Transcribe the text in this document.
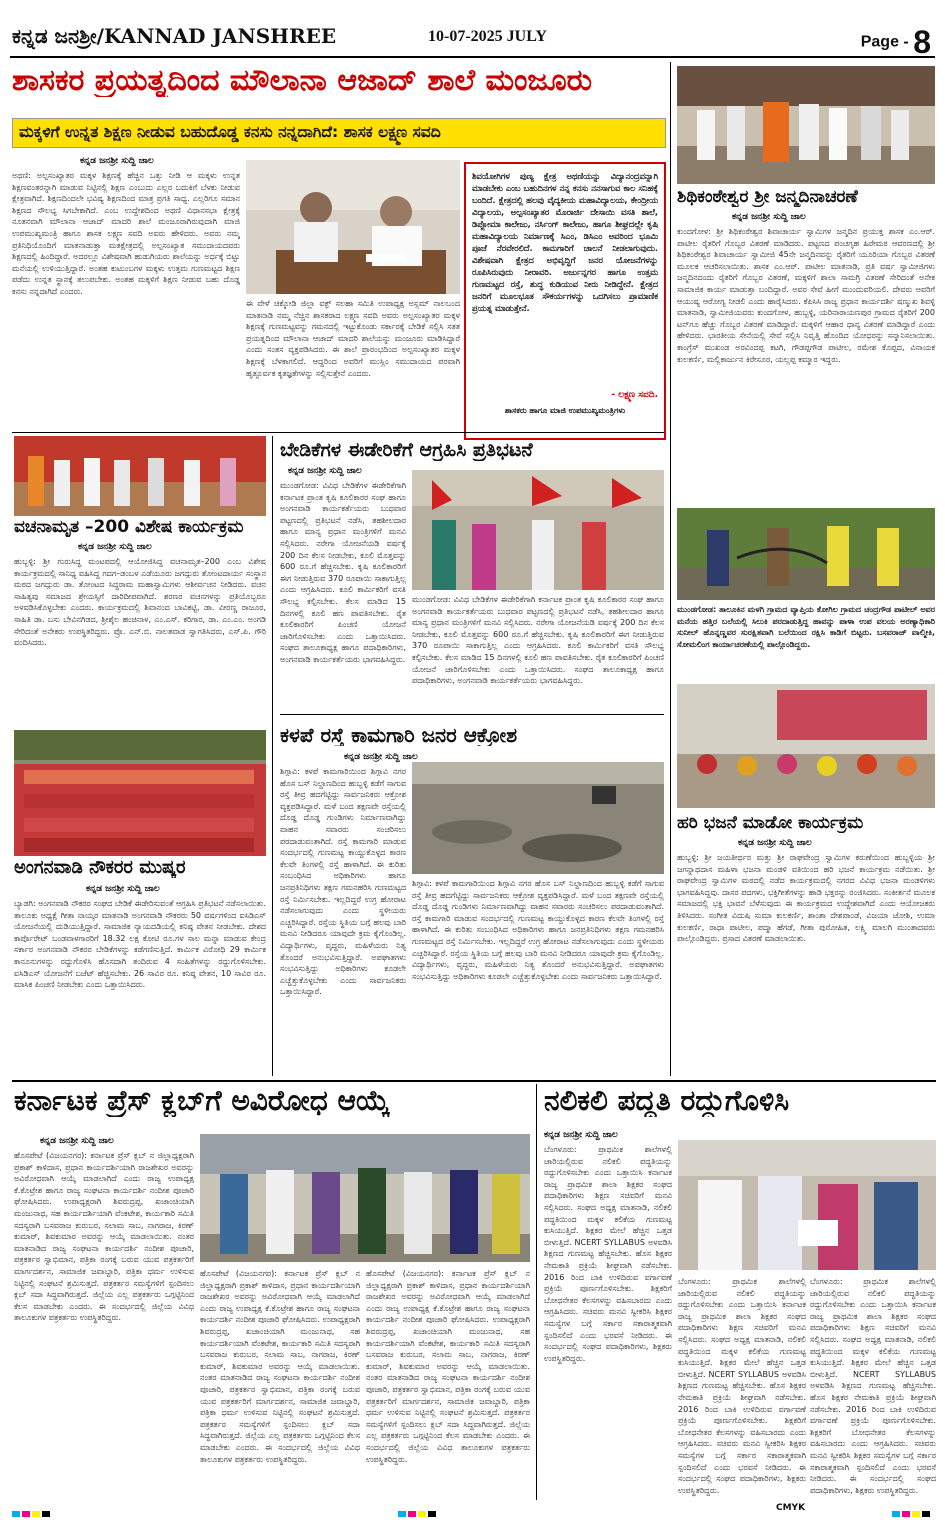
ಕನ್ನಡ ಜನಶ್ರೀ/KANNAD JANSHREE	10-07-2025 JULY	Page - 8
ಶಾಸಕರ ಪ್ರಯತ್ನದಿಂದ ಮೌಲಾನಾ ಆಜಾದ್ ಶಾಲೆ ಮಂಜೂರು
ಮಕ್ಕಳಿಗೆ ಉನ್ನತ ಶಿಕ್ಷಣ ನೀಡುವ ಬಹುದೊಡ್ಡ ಕನಸು ನನ್ನದಾಗಿದೆ: ಶಾಸಕ ಲಕ್ಷ್ಮಣ ಸವದಿ
ಕನ್ನಡ ಜನಶ್ರೀ ಸುದ್ದಿ ಜಾಲ
ಅಥಣಿ: ಅಲ್ಪಸಂಖ್ಯಾತರ ಮಕ್ಕಳ ಶಿಕ್ಷಣಕ್ಕೆ ಹೆಚ್ಚಿನ ಒತ್ತು ನೀಡಿ ಆ ಮಕ್ಕಳು ಉನ್ನತ ಶಿಕ್ಷಣವಂತರನ್ನಾಗಿ ಮಾಡುವ ನಿಟ್ಟಿನಲ್ಲಿ ಶಿಕ್ಷಣ ಎಂಬುದು ಎಲ್ಲರ ಬದುಕಿಗೆ ಬೆಳಕು ನೀಡುವ ಕ್ಷೇತ್ರವಾಗಿದೆ. ಶಿಕ್ಷಣದಿಂದಲೇ ಭವಿಷ್ಯ ಶಿಕ್ಷಣದಿಂದ ಮಾತ್ರ ಪ್ರಗತಿ ಸಾಧ್ಯ. ಎಲ್ಲರಿಗೂ ಸಮಾನ ಶಿಕ್ಷಣದ ಸೌಲಭ್ಯ ಸಿಗಬೇಕಾಗಿದೆ. ಎಂಬ ಉದ್ದೇಶದಿಂದ ಅಥಣಿ ವಿಧಾನಸಭಾ ಕ್ಷೇತ್ರಕ್ಕೆ ನೂತನವಾಗಿ ಮೌಲಾನಾ ಆಜಾದ್ ಮಾದರಿ ಶಾಲೆ ಮಂಜೂರಾಗಿರುವುದಾಗಿ ಮಾಜಿ ಉಪಮುಖ್ಯಮಂತ್ರಿ ಹಾಗೂ ಶಾಸಕ ಲಕ್ಷ್ಮಣ ಸವದಿ ಅವರು ಹೇಳಿದರು. ಅವರು ನಮ್ಮ ಪ್ರತಿನಿಧಿಯೊಂದಿಗೆ ಮಾತನಾಡುತ್ತಾ ಮತಕ್ಷೇತ್ರದಲ್ಲಿ ಅಲ್ಪಸಂಖ್ಯಾತ ಸಮುದಾಯದವರು ಶಿಕ್ಷಣದಲ್ಲಿ ಹಿಂದಿದ್ದಾರೆ. ಅದರಲ್ಲೂ ವಿಶೇಷವಾಗಿ ಹುಡುಗಿಯರು ಶಾಲೆಯನ್ನು ಅರ್ಧಕ್ಕೆ ಬಿಟ್ಟು ಮನೆಯಲ್ಲಿ ಉಳಿಯುತ್ತಿದ್ದಾರೆ. ಅಂತಹ ಕುಟುಂಬಗಳ ಮಕ್ಕಳು ಉತ್ತಮ ಗುಣಮಟ್ಟದ ಶಿಕ್ಷಣ ಪಡೆದು ಉನ್ನತ ಸ್ಥಾನಕ್ಕೆ ತಲುಪಬೇಕು. ಅಂತಹ ಮಕ್ಕಳಿಗೆ ಶಿಕ್ಷಣ ನೀಡುವ ಬಹು ದೊಡ್ಡ ಕನಸು ನನ್ನದಾಗಿದೆ ಎಂದರು.
ಈ ವೇಳೆ ಚಿಕ್ಕೋಡಿ ಜಿಲ್ಲಾ ವಕ್ಫ್ ಸಲಹಾ ಸಮಿತಿ ಉಪಾಧ್ಯಕ್ಷ ಅಸ್ಲಮ್ ನಾಲಬಂದ ಮಾತನಾಡಿ ನಮ್ಮ ನೆಚ್ಚಿನ ಶಾಸಕರಾದ ಲಕ್ಷ್ಮಣ ಸವದಿ ಅವರು ಅಲ್ಪಸಂಖ್ಯಾತರ ಮಕ್ಕಳ ಶಿಕ್ಷಣಕ್ಕೆ ಗುಣಮಟ್ಟವನ್ನು ಗಮನದಲ್ಲಿ ಇಟ್ಟುಕೊಂಡು ಸರ್ಕಾರಕ್ಕೆ ಬೇಡಿಕೆ ಸಲ್ಲಿಸಿ ಸತತ ಪ್ರಯತ್ನದಿಂದ ಮೌಲಾನಾ ಆಜಾದ್ ಮಾದರಿ ಶಾಲೆಯನ್ನು ಮಂಜೂರು ಮಾಡಿಸಿದ್ದಾರೆ ಎಂದು ಸಂತಸ ವ್ಯಕ್ತಪಡಿಸಿದರು. ಈ ಶಾಲೆ ಪ್ರಾರಂಭದಿಂದ ಅಲ್ಪಸಂಖ್ಯಾತರ ಮಕ್ಕಳ ಶಿಕ್ಷಣಕ್ಕೆ ಬೆಳಕಾಗಲಿದೆ. ಆದ್ದರಿಂದ ಅವರಿಗೆ ಮುಸ್ಲಿಂ ಸಮುದಾಯದ ಪರವಾಗಿ ಹೃತ್ಪೂರ್ವಕ ಕೃತಜ್ಞತೆಗಳನ್ನು ಸಲ್ಲಿಸುತ್ತೇನೆ ಎಂದರು.
ಶಿವಯೋಗಿಗಳ ಪುಣ್ಯ ಕ್ಷೇತ್ರ ಅಥಣಿಯನ್ನು ವಿದ್ಯಾನಂದ್ರವನ್ನಾಗಿ ಮಾಡಬೇಕು ಎಂಬ ಬಹುದಿನಗಳ ನನ್ನ ಕನಸು ನನಸಾಗುವ ಕಾಲ ಸನಿಹಕ್ಕೆ ಬಂದಿದೆ. ಕ್ಷೇತ್ರದಲ್ಲಿ ಹಲವು ವೈದ್ಯಕೀಯ ಮಹಾವಿದ್ಯಾಲಯ, ಕೇಂದ್ರೀಯ ವಿದ್ಯಾಲಯ, ಅಲ್ಪಸಂಖ್ಯಾತರ ಮೊರಾರ್ಜಿ ದೇಸಾಯಿ ವಸತಿ ಶಾಲೆ, ಡಿಪ್ಲೋಮಾ ಕಾಲೇಜು, ನರ್ಸಿಂಗ್ ಕಾಲೇಜು, ಹಾಗೂ ಶೀಘ್ರದಲ್ಲೇ ಕೃಷಿ ಮಹಾವಿದ್ಯಾಲಯ ನಿರ್ಮಾಣಕ್ಕೆ ಸಿಎಂ, ಡಿಸಿಎಂ ಅವರಿಂದ ಭೂಮಿ ಪೂಜೆ ನೆರವೇರಲಿದೆ. ಕಾಮಗಾರಿಗೆ ಚಾಲನೆ ನೀಡಲಾಗುವುದು. ವಿಶೇಷವಾಗಿ ಕ್ಷೇತ್ರದ ಅಭಿವೃದ್ಧಿಗೆ ಜನರ ಯೋಜನೆಗಳನ್ನು ರೂಪಿಸಿರುವುದು ನೀರಾವರಿ. ಅರ್ಜುನ್ನಗರ ಹಾಗೂ ಉತ್ತಮ ಗುಣಮಟ್ಟದ ರಸ್ತೆ, ಶುದ್ಧ ಕುಡಿಯುವ ನೀರು ನೀಡಿದ್ದೇನೆ. ಕ್ಷೇತ್ರದ ಜನರಿಗೆ ಮೂಲಭೂತ ಸೌಕರ್ಯಗಳನ್ನು ಒದಗಿಸಲು ಪ್ರಾಮಾಣಿಕ ಪ್ರಯತ್ನ ಮಾಡುತ್ತೇನೆ.
- ಲಕ್ಷ್ಮಣ ಸವದಿ.
ಶಾಸಕರು ಹಾಗೂ ಮಾಜಿ ಉಪಮುಖ್ಯಮಂತ್ರಿಗಳು
ಶಿಥಿಕಂಠೇಶ್ವರ ಶ್ರೀ ಜನ್ಮದಿನಾಚರಣೆ
ಕನ್ನಡ ಜನಶ್ರೀ ಸುದ್ದಿ ಜಾಲ
ಕುಂದಗೋಳ: ಶ್ರೀ ಶಿಥಿಕಂಠೇಶ್ವರ ಶಿವಾಚಾರ್ಯ ಸ್ವಾಮಿಗಳ ಜನ್ಮದಿನ ಪ್ರಯುಕ್ತ ಶಾಸಕ ಎಂ.ಆರ್. ಪಾಟೀಲ ರೈತರಿಗೆ ಗೊಬ್ಬರ ವಿತರಣೆ ಮಾಡಿದರು. ಪಟ್ಟಣದ ಪಂಚಗೃಹ ಹಿರೇಮಠ ಆವರಣದಲ್ಲಿ ಶ್ರೀ ಶಿಥಿಕಂಠೇಶ್ವರ ಶಿವಾಚಾರ್ಯ ಸ್ವಾಮೀಜಿ 45ನೇ ಜನ್ಮದಿನವನ್ನು ರೈತರಿಗೆ ಯೂರಿಯಾ ಗೊಬ್ಬರ ವಿತರಣೆ ಮೂಲಕ ಆಚರಿಸಲಾಯಿತು. ಶಾಸಕ ಎಂ.ಆರ್. ಪಾಟೀಲ ಮಾತನಾಡಿ, ಪ್ರತಿ ವರ್ಷ ಸ್ವಾಮೀಜಿಗಳು ಜನ್ಮದಿನದಂದು ರೈತರಿಗೆ ಗೊಬ್ಬರ ವಿತರಣೆ, ಮಕ್ಕಳಿಗೆ ಶಾಲಾ ಸಾಮಗ್ರಿ ವಿತರಣೆ ಸೇರಿದಂತೆ ಅನೇಕ ಸಾಮಾಜಿಕ ಕಾರ್ಯ ಮಾಡುತ್ತಾ ಬಂದಿದ್ದಾರೆ. ಅವರ ಸೇವೆ ಹೀಗೆ ಮುಂದುವರಿಯಲಿ. ದೇವರು ಅವರಿಗೆ ಆಯುಷ್ಯ ಆರೋಗ್ಯ ನೀಡಲಿ ಎಂದು ಹಾರೈಸಿದರು. ಕೆಪಿಸಿಸಿ ರಾಜ್ಯ ಪ್ರಧಾನ ಕಾರ್ಯದರ್ಶಿ ಷಣ್ಮುಖ ಶಿವಳ್ಳಿ ಮಾತನಾಡಿ, ಸ್ವಾಮೀಜಿಯವರು ಕುಂದಗೋಳ, ಹುಬ್ಬಳ್ಳಿ, ಯರಿನಾರಾಯಣಪುರ ಗ್ರಾಮದ ರೈತರಿಗೆ 200 ಟನ್‌ಗೂ ಹೆಚ್ಚು ಗೊಬ್ಬರ ವಿತರಣೆ ಮಾಡಿದ್ದಾರೆ. ಮಕ್ಕಳಿಗೆ ಆಹಾರ ಧಾನ್ಯ ವಿತರಣೆ ಮಾಡಿದ್ದಾರೆ ಎಂದು ಹೇಳಿದರು. ಭಾರತೀಯ ಸೇನೆಯಲ್ಲಿ ಸೇವೆ ಸಲ್ಲಿಸಿ ನಿವೃತ್ತಿ ಹೊಂದಿದ ಯೋಧರನ್ನು ಸನ್ಮಾನಿಸಲಾಯಿತು. ಕಾಂಗ್ರೆಸ್ ಮುಖಂಡ ಅರವಿಂದಪ್ಪ ಕಟಗಿ, ಗೌಡಪ್ಪಗೌಡ ಪಾಟೀಲ, ರಮೇಶ ಕೊಪ್ಪದ, ವಿನಾಯಕ ಕುಲಕರ್ಣಿ, ಮಲ್ಲಿಕಾರ್ಜುನ ಕಿರೇಸೂರ, ಯಲ್ಲಪ್ಪ ಕಮ್ಮಾರ ಇದ್ದರು.
ಮುಂಡಗೋಡ: ತಾಲೂಕಿನ ಮಳಗಿ ಗ್ರಾಮದ ವ್ಯಾಪ್ತಿಯ ಕೋಗಿಲ ಗ್ರಾಮದ ಚಂದ್ರಗೌಡ ಪಾಟೀಲ್ ಅವರ ಮನೆಯ ಹತ್ತಿರ ಬಲೆಯಲ್ಲಿ ಸಿಲುಕಿ ಪರದಾಡುತ್ತಿದ್ದ ಹಾವನ್ನು ಪಾಳಾ ಉಪ ವಲಯ ಅರಣ್ಯಾಧಿಕಾರಿ ಸುನೀಲ್ ಹೊನ್ನಣ್ಣವರ ಸುರಕ್ಷಿತವಾಗಿ ಬಲೆಯಿಂದ ರಕ್ಷಿಸಿ ಕಾಡಿಗೆ ಬಿಟ್ಟರು. ಬಸವರಾಜ್ ವಾಲ್ಮೀಕಿ, ಸೋಮಲಿಂಗ ಕಾರ್ಯಾಚರಣೆಯಲ್ಲಿ ಪಾಲ್ಗೊಂಡಿದ್ದರು.
ಹರಿ ಭಜನೆ ಮಾಡೋ ಕಾರ್ಯಕ್ರಮ
ಕನ್ನಡ ಜನಶ್ರೀ ಸುದ್ದಿ ಜಾಲ
ಹುಬ್ಬಳ್ಳಿ: ಶ್ರೀ ಜಯತೀರ್ಥರ ಮತ್ತು ಶ್ರೀ ರಾಘವೇಂದ್ರ ಸ್ವಾಮಿಗಳ ಕರುಣೆಯಿಂದ ಹುಬ್ಬಳ್ಳಿಯ ಶ್ರೀ ಜಗನ್ನಾಥದಾಸ ಮಹಿಳಾ ಭಜನಾ ಮಂಡಳಿ ವತಿಯಿಂದ ಹರಿ ಭಜನೆ ಕಾರ್ಯಕ್ರಮ ನಡೆಯಿತು. ಶ್ರೀ ರಾಘವೇಂದ್ರ ಸ್ವಾಮಿಗಳ ಮಠದಲ್ಲಿ ನಡೆದ ಕಾರ್ಯಕ್ರಮದಲ್ಲಿ ನಗರದ ವಿವಿಧ ಭಜನಾ ಮಂಡಳಿಗಳು ಭಾಗವಹಿಸಿದ್ದವು. ದಾಸರ ಪದಗಳು, ಭಕ್ತಿಗೀತೆಗಳನ್ನು ಹಾಡಿ ಭಕ್ತರನ್ನು ರಂಜಿಸಿದರು. ಸಂಕೀರ್ತನೆ ಮೂಲಕ ಸಮಾಜದಲ್ಲಿ ಭಕ್ತಿ ಭಾವನೆ ಬೆಳೆಸುವುದು ಈ ಕಾರ್ಯಕ್ರಮದ ಉದ್ದೇಶವಾಗಿದೆ ಎಂದು ಆಯೋಜಕರು ತಿಳಿಸಿದರು. ಸಂಗೀತ ವಿದುಷಿ ಸುಮಾ ಕುಲಕರ್ಣಿ, ಶಾಂತಾ ದೇಶಪಾಂಡೆ, ವಿಜಯಾ ಜೋಶಿ, ಉಮಾ ಕುಲಕರ್ಣಿ, ರಾಧಾ ಪಾಟೀಲ, ಪದ್ಮಾ ಹೆಗಡೆ, ಗೀತಾ ಪುರೋಹಿತ, ಲಕ್ಷ್ಮಿ ಮಾಲಗಿ ಮುಂತಾದವರು ಪಾಲ್ಗೊಂಡಿದ್ದರು. ಪ್ರಸಾದ ವಿತರಣೆ ಮಾಡಲಾಯಿತು.
ವಚನಾಮೃತ –200 ವಿಶೇಷ ಕಾರ್ಯಕ್ರಮ
ಕನ್ನಡ ಜನಶ್ರೀ ಸುದ್ದಿ ಜಾಲ
ಹುಬ್ಬಳ್ಳಿ: ಶ್ರೀ ಗುರುಸಿದ್ಧ ಮಂಟಪದಲ್ಲಿ ಆಯೋಜಿಸಿದ್ದ ವಚನಾಮೃತ–200 ಎಂಬ ವಿಶೇಷ ಕಾರ್ಯಕ್ರಮದಲ್ಲಿ ಸಾನಿಧ್ಯ ವಹಿಸಿದ್ದ ಗದಗ–ಡಂಬಳ ಎಡೆಯೂರು ಜಗದ್ಗುರು ತೋಂಟದಾರ್ಯ ಸಂಸ್ಥಾನ ಮಠದ ಜಗದ್ಗುರು ಡಾ. ತೋಂಟದ ಸಿದ್ಧರಾಮ ಮಹಾಸ್ವಾಮಿಗಳು ಆಶೀರ್ವಚನ ನೀಡಿದರು. ವಚನ ಸಾಹಿತ್ಯವು ಸಮಾಜದ ಶ್ರೇಯಸ್ಸಿಗೆ ದಾರಿದೀಪವಾಗಿದೆ. ಶರಣರ ವಚನಗಳನ್ನು ಪ್ರತಿಯೊಬ್ಬರೂ ಅಳವಡಿಸಿಕೊಳ್ಳಬೇಕು ಎಂದರು. ಕಾರ್ಯಕ್ರಮದಲ್ಲಿ ಶಿವಾನಂದ ಬಾವಿಕಟ್ಟಿ, ಡಾ. ವೀರಣ್ಣ ರಾಜೂರ, ಸಾಹಿತಿ ಡಾ. ಬಸು ಬೇವಿನಗಿಡದ, ಶ್ರೀಶೈಲ ಹಂಚಿನಾಳ, ಎಂ.ಎಸ್. ಕರಿಗಾರ, ಡಾ. ಎಂ.ಎಂ. ಅಂಗಡಿ ಸೇರಿದಂತೆ ಅನೇಕರು ಉಪಸ್ಥಿತರಿದ್ದರು. ಪ್ರೊ. ಎನ್.ಬಿ. ನಾಲತವಾಡ ಸ್ವಾಗತಿಸಿದರು, ಎಸ್.ಪಿ. ಗೌರಿ ವಂದಿಸಿದರು.
ಅಂಗನವಾಡಿ ನೌಕರರ ಮುಷ್ಕರ
ಕನ್ನಡ ಜನಶ್ರೀ ಸುದ್ದಿ ಜಾಲ
ಬ್ಯಾಡಗಿ: ಅಂಗನವಾಡಿ ನೌಕರರ ಸಂಘದ ಬೇಡಿಕೆ ಈಡೇರಿಸುವಂತೆ ಆಗ್ರಹಿಸಿ ಪ್ರತಿಭಟನೆ ನಡೆಸಲಾಯಿತು. ತಾಲೂಕು ಅಧ್ಯಕ್ಷೆ ಗೀತಾ ನಾಯ್ಕರ ಮಾತನಾಡಿ ಅಂಗನವಾಡಿ ನೌಕರರು 50 ವರ್ಷಗಳಿಂದ ಐಸಿಡಿಎಸ್ ಯೋಜನೆಯಲ್ಲಿ ದುಡಿಯುತ್ತಿದ್ದಾರೆ. ಸಾಮಾಜಿಕ ನ್ಯಾಯದಡಿಯಲ್ಲಿ ಕನಿಷ್ಠ ವೇತನ ನೀಡಬೇಕು. ದೇಶದ ಕಾರ್ಪೊರೇಟ್ ಬಂಡವಾಳಗಾರರಿಗೆ 18.32 ಲಕ್ಷ ಕೋಟಿ ರೂ.ಗಳ ಸಾಲ ಮನ್ನಾ ಮಾಡುವ ಕೇಂದ್ರ ಸರ್ಕಾರ ಅಂಗನವಾಡಿ ನೌಕರರ ಬೇಡಿಕೆಗಳನ್ನು ಕಡೆಗಣಿಸುತ್ತಿದೆ. ಕಾರ್ಮಿಕ ವಿರೋಧಿ 29 ಕಾರ್ಮಿಕ ಕಾನೂನುಗಳನ್ನು ರದ್ದುಗೊಳಿಸಿ ಹೊಸದಾಗಿ ತಂದಿರುವ 4 ಸಂಹಿತೆಗಳನ್ನು ರದ್ದುಗೊಳಿಸಬೇಕು. ಐಸಿಡಿಎಸ್ ಯೋಜನೆಗೆ ಬಜೆಟ್ ಹೆಚ್ಚಿಸಬೇಕು. 26 ಸಾವಿರ ರೂ. ಕನಿಷ್ಠ ವೇತನ, 10 ಸಾವಿರ ರೂ. ಮಾಸಿಕ ಪಿಂಚಣಿ ನೀಡಬೇಕು ಎಂದು ಒತ್ತಾಯಿಸಿದರು.
ಬೇಡಿಕೆಗಳ ಈಡೇರಿಕೆಗೆ ಆಗ್ರಹಿಸಿ ಪ್ರತಿಭಟನೆ
ಕನ್ನಡ ಜನಶ್ರೀ ಸುದ್ದಿ ಜಾಲ
ಮುಂಡಗೋಡ: ವಿವಿಧ ಬೇಡಿಕೆಗಳ ಈಡೇರಿಕೆಗಾಗಿ ಕರ್ನಾಟಕ ಪ್ರಾಂತ ಕೃಷಿ ಕೂಲಿಕಾರರ ಸಂಘ ಹಾಗೂ ಅಂಗನವಾಡಿ ಕಾರ್ಯಕರ್ತೆಯರು ಬುಧವಾರ ಪಟ್ಟಣದಲ್ಲಿ ಪ್ರತಿಭಟನೆ ನಡೆಸಿ, ತಹಶೀಲದಾರ ಹಾಗೂ ಮಾನ್ಯ ಪ್ರಧಾನ ಮಂತ್ರಿಗಳಿಗೆ ಮನವಿ ಸಲ್ಲಿಸಿದರು. ನರೇಗಾ ಯೋಜನೆಯಡಿ ವರ್ಷಕ್ಕೆ 200 ದಿನ ಕೆಲಸ ನೀಡಬೇಕು, ಕೂಲಿ ಮೊತ್ತವನ್ನು 600 ರೂ.ಗೆ ಹೆಚ್ಚಿಸಬೇಕು. ಕೃಷಿ ಕೂಲಿಕಾರರಿಗೆ ಈಗ ನೀಡುತ್ತಿರುವ 370 ರೂಪಾಯಿ ಸಾಕಾಗುತ್ತಿಲ್ಲ ಎಂದು ಆಗ್ರಹಿಸಿದರು. ಕೂಲಿ ಕಾರ್ಮಿಕರಿಗೆ ವಸತಿ ಸೌಲಭ್ಯ ಕಲ್ಪಿಸಬೇಕು. ಕೆಲಸ ಮಾಡಿದ 15 ದಿನಗಳಲ್ಲಿ ಕೂಲಿ ಹಣ ಪಾವತಿಸಬೇಕು. ರೈತ ಕೂಲಿಕಾರರಿಗೆ ಪಿಂಚಣಿ ಯೋಜನೆ ಜಾರಿಗೊಳಿಸಬೇಕು ಎಂದು ಒತ್ತಾಯಿಸಿದರು. ಸಂಘದ ತಾಲೂಕಾಧ್ಯಕ್ಷ ಹಾಗೂ ಪದಾಧಿಕಾರಿಗಳು, ಅಂಗನವಾಡಿ ಕಾರ್ಯಕರ್ತೆಯರು ಭಾಗವಹಿಸಿದ್ದರು.
ಮುಂಡಗೋಡ: ವಿವಿಧ ಬೇಡಿಕೆಗಳ ಈಡೇರಿಕೆಗಾಗಿ ಕರ್ನಾಟಕ ಪ್ರಾಂತ ಕೃಷಿ ಕೂಲಿಕಾರರ ಸಂಘ ಹಾಗೂ ಅಂಗನವಾಡಿ ಕಾರ್ಯಕರ್ತೆಯರು ಬುಧವಾರ ಪಟ್ಟಣದಲ್ಲಿ ಪ್ರತಿಭಟನೆ ನಡೆಸಿ, ತಹಶೀಲದಾರ ಹಾಗೂ ಮಾನ್ಯ ಪ್ರಧಾನ ಮಂತ್ರಿಗಳಿಗೆ ಮನವಿ ಸಲ್ಲಿಸಿದರು. ನರೇಗಾ ಯೋಜನೆಯಡಿ ವರ್ಷಕ್ಕೆ 200 ದಿನ ಕೆಲಸ ನೀಡಬೇಕು, ಕೂಲಿ ಮೊತ್ತವನ್ನು 600 ರೂ.ಗೆ ಹೆಚ್ಚಿಸಬೇಕು. ಕೃಷಿ ಕೂಲಿಕಾರರಿಗೆ ಈಗ ನೀಡುತ್ತಿರುವ 370 ರೂಪಾಯಿ ಸಾಕಾಗುತ್ತಿಲ್ಲ ಎಂದು ಆಗ್ರಹಿಸಿದರು. ಕೂಲಿ ಕಾರ್ಮಿಕರಿಗೆ ವಸತಿ ಸೌಲಭ್ಯ ಕಲ್ಪಿಸಬೇಕು. ಕೆಲಸ ಮಾಡಿದ 15 ದಿನಗಳಲ್ಲಿ ಕೂಲಿ ಹಣ ಪಾವತಿಸಬೇಕು. ರೈತ ಕೂಲಿಕಾರರಿಗೆ ಪಿಂಚಣಿ ಯೋಜನೆ ಜಾರಿಗೊಳಿಸಬೇಕು ಎಂದು ಒತ್ತಾಯಿಸಿದರು. ಸಂಘದ ತಾಲೂಕಾಧ್ಯಕ್ಷ ಹಾಗೂ ಪದಾಧಿಕಾರಿಗಳು, ಅಂಗನವಾಡಿ ಕಾರ್ಯಕರ್ತೆಯರು ಭಾಗವಹಿಸಿದ್ದರು.
ಕಳಪೆ ರಸ್ತೆ ಕಾಮಗಾರಿ ಜನರ ಆಕ್ರೋಶ
ಕನ್ನಡ ಜನಶ್ರೀ ಸುದ್ದಿ ಜಾಲ
ಶಿಗ್ಗಾವಿ: ಕಳಪೆ ಕಾಮಗಾರಿಯಿಂದ ಶಿಗ್ಗಾವಿ ನಗರ ಹೊಸ ಬಸ್ ನಿಲ್ದಾಣದಿಂದ ಹುಬ್ಬಳ್ಳಿ ಕಡೆಗೆ ಸಾಗುವ ರಸ್ತೆ ತೀವ್ರ ಹದಗೆಟ್ಟಿದ್ದು ಸಾರ್ವಜನಿಕರು ಆಕ್ರೋಶ ವ್ಯಕ್ತಪಡಿಸಿದ್ದಾರೆ. ಮಳೆ ಬಂದ ತಕ್ಷಣವೇ ರಸ್ತೆಯಲ್ಲಿ ದೊಡ್ಡ ದೊಡ್ಡ ಗುಂಡಿಗಳು ನಿರ್ಮಾಣವಾಗಿದ್ದು ವಾಹನ ಸವಾರರು ಸಂಚರಿಸಲು ಪರದಾಡುವಂತಾಗಿದೆ. ರಸ್ತೆ ಕಾಮಗಾರಿ ಮಾಡುವ ಸಂದರ್ಭದಲ್ಲಿ ಗುಣಮಟ್ಟ ಕಾಯ್ದುಕೊಳ್ಳದ ಕಾರಣ ಕೆಲವೇ ತಿಂಗಳಲ್ಲಿ ರಸ್ತೆ ಹಾಳಾಗಿದೆ. ಈ ಕುರಿತು ಸಂಬಂಧಿಸಿದ ಅಧಿಕಾರಿಗಳು ಹಾಗೂ ಜನಪ್ರತಿನಿಧಿಗಳು ತಕ್ಷಣ ಗಮನಹರಿಸಿ ಗುಣಮಟ್ಟದ ರಸ್ತೆ ನಿರ್ಮಿಸಬೇಕು. ಇಲ್ಲದಿದ್ದರೆ ಉಗ್ರ ಹೋರಾಟ ನಡೆಸಲಾಗುವುದು ಎಂದು ಸ್ಥಳೀಯರು ಎಚ್ಚರಿಸಿದ್ದಾರೆ. ರಸ್ತೆಯ ಸ್ಥಿತಿಯ ಬಗ್ಗೆ ಹಲವು ಬಾರಿ ಮನವಿ ನೀಡಿದರೂ ಯಾವುದೇ ಕ್ರಮ ಕೈಗೊಂಡಿಲ್ಲ. ವಿದ್ಯಾರ್ಥಿಗಳು, ವೃದ್ಧರು, ಮಹಿಳೆಯರು ನಿತ್ಯ ತೊಂದರೆ ಅನುಭವಿಸುತ್ತಿದ್ದಾರೆ. ಅಪಘಾತಗಳು ಸಂಭವಿಸುತ್ತಿದ್ದು ಅಧಿಕಾರಿಗಳು ಕೂಡಲೇ ಎಚ್ಚೆತ್ತುಕೊಳ್ಳಬೇಕು ಎಂದು ಸಾರ್ವಜನಿಕರು ಒತ್ತಾಯಿಸಿದ್ದಾರೆ.
ಶಿಗ್ಗಾವಿ: ಕಳಪೆ ಕಾಮಗಾರಿಯಿಂದ ಶಿಗ್ಗಾವಿ ನಗರ ಹೊಸ ಬಸ್ ನಿಲ್ದಾಣದಿಂದ ಹುಬ್ಬಳ್ಳಿ ಕಡೆಗೆ ಸಾಗುವ ರಸ್ತೆ ತೀವ್ರ ಹದಗೆಟ್ಟಿದ್ದು ಸಾರ್ವಜನಿಕರು ಆಕ್ರೋಶ ವ್ಯಕ್ತಪಡಿಸಿದ್ದಾರೆ. ಮಳೆ ಬಂದ ತಕ್ಷಣವೇ ರಸ್ತೆಯಲ್ಲಿ ದೊಡ್ಡ ದೊಡ್ಡ ಗುಂಡಿಗಳು ನಿರ್ಮಾಣವಾಗಿದ್ದು ವಾಹನ ಸವಾರರು ಸಂಚರಿಸಲು ಪರದಾಡುವಂತಾಗಿದೆ. ರಸ್ತೆ ಕಾಮಗಾರಿ ಮಾಡುವ ಸಂದರ್ಭದಲ್ಲಿ ಗುಣಮಟ್ಟ ಕಾಯ್ದುಕೊಳ್ಳದ ಕಾರಣ ಕೆಲವೇ ತಿಂಗಳಲ್ಲಿ ರಸ್ತೆ ಹಾಳಾಗಿದೆ. ಈ ಕುರಿತು ಸಂಬಂಧಿಸಿದ ಅಧಿಕಾರಿಗಳು ಹಾಗೂ ಜನಪ್ರತಿನಿಧಿಗಳು ತಕ್ಷಣ ಗಮನಹರಿಸಿ ಗುಣಮಟ್ಟದ ರಸ್ತೆ ನಿರ್ಮಿಸಬೇಕು. ಇಲ್ಲದಿದ್ದರೆ ಉಗ್ರ ಹೋರಾಟ ನಡೆಸಲಾಗುವುದು ಎಂದು ಸ್ಥಳೀಯರು ಎಚ್ಚರಿಸಿದ್ದಾರೆ. ರಸ್ತೆಯ ಸ್ಥಿತಿಯ ಬಗ್ಗೆ ಹಲವು ಬಾರಿ ಮನವಿ ನೀಡಿದರೂ ಯಾವುದೇ ಕ್ರಮ ಕೈಗೊಂಡಿಲ್ಲ. ವಿದ್ಯಾರ್ಥಿಗಳು, ವೃದ್ಧರು, ಮಹಿಳೆಯರು ನಿತ್ಯ ತೊಂದರೆ ಅನುಭವಿಸುತ್ತಿದ್ದಾರೆ. ಅಪಘಾತಗಳು ಸಂಭವಿಸುತ್ತಿದ್ದು ಅಧಿಕಾರಿಗಳು ಕೂಡಲೇ ಎಚ್ಚೆತ್ತುಕೊಳ್ಳಬೇಕು ಎಂದು ಸಾರ್ವಜನಿಕರು ಒತ್ತಾಯಿಸಿದ್ದಾರೆ.
ಕರ್ನಾಟಕ ಪ್ರೆಸ್ ಕ್ಲಬ್‌ಗೆ ಅವಿರೋಧ ಆಯ್ಕೆ
ಕನ್ನಡ ಜನಶ್ರೀ ಸುದ್ದಿ ಜಾಲ
ಹೊಸಪೇಟೆ (ವಿಜಯನಗರ): ಕರ್ನಾಟಕ ಪ್ರೆಸ್ ಕ್ಲಬ್ ನ ಜಿಲ್ಲಾಧ್ಯಕ್ಷರಾಗಿ ಪ್ರಕಾಶ್ ಕಾಳಿದಾಸ, ಪ್ರಧಾನ ಕಾರ್ಯದರ್ಶಿಯಾಗಿ ರಾಜಶೇಖರ ಅವರನ್ನು ಅವಿರೋಧವಾಗಿ ಆಯ್ಕೆ ಮಾಡಲಾಗಿದೆ ಎಂದು ರಾಜ್ಯ ಉಪಾಧ್ಯಕ್ಷ ಕೆ.ಕೊಟ್ರೇಶ ಹಾಗೂ ರಾಜ್ಯ ಸಂಘಟನಾ ಕಾರ್ಯದರ್ಶಿ ನಂದೀಶ ಪೂಜಾರಿ ಘೋಷಿಸಿದರು. ಉಪಾಧ್ಯಕ್ಷರಾಗಿ ಶಿವರುದ್ರಪ್ಪ, ಖಜಾಂಚಿಯಾಗಿ ಮಂಜುನಾಥ, ಸಹ ಕಾರ್ಯದರ್ಶಿಯಾಗಿ ವೆಂಕಟೇಶ, ಕಾರ್ಯಕಾರಿ ಸಮಿತಿ ಸದಸ್ಯರಾಗಿ ಬಸವರಾಜ ಕುರುಬರ, ಸಲಾಮ ಸಾಬ, ನಾಗರಾಜ, ಕಿರಣ್ ಕುಮಾರ್, ಶಿವಕುಮಾರ ಅವರನ್ನು ಆಯ್ಕೆ ಮಾಡಲಾಯಿತು. ನಂತರ ಮಾತನಾಡಿದ ರಾಜ್ಯ ಸಂಘಟನಾ ಕಾರ್ಯದರ್ಶಿ ನಂದೀಶ ಪೂಜಾರಿ, ಪತ್ರಕರ್ತರ ಸ್ವಾಭಿಮಾನ, ಪತ್ರಿಕಾ ರಂಗಕ್ಕೆ ಬರುವ ಯುವ ಪತ್ರಕರ್ತರಿಗೆ ಮಾರ್ಗದರ್ಶನ, ಸಾಮಾಜಿಕ ಜವಾಬ್ದಾರಿ, ಪತ್ರಿಕಾ ಧರ್ಮ ಉಳಿಸುವ ನಿಟ್ಟಿನಲ್ಲಿ ಸಂಘಟನೆ ಶ್ರಮಿಸುತ್ತದೆ. ಪತ್ರಕರ್ತರ ಸಮಸ್ಯೆಗಳಿಗೆ ಸ್ಪಂದಿಸಲು ಕ್ಲಬ್ ಸದಾ ಸಿದ್ಧವಾಗಿರುತ್ತದೆ. ಜಿಲ್ಲೆಯ ಎಲ್ಲ ಪತ್ರಕರ್ತರು ಒಗ್ಗಟ್ಟಿನಿಂದ ಕೆಲಸ ಮಾಡಬೇಕು ಎಂದರು. ಈ ಸಂದರ್ಭದಲ್ಲಿ ಜಿಲ್ಲೆಯ ವಿವಿಧ ತಾಲೂಕುಗಳ ಪತ್ರಕರ್ತರು ಉಪಸ್ಥಿತರಿದ್ದರು.
ಹೊಸಪೇಟೆ (ವಿಜಯನಗರ): ಕರ್ನಾಟಕ ಪ್ರೆಸ್ ಕ್ಲಬ್ ನ ಜಿಲ್ಲಾಧ್ಯಕ್ಷರಾಗಿ ಪ್ರಕಾಶ್ ಕಾಳಿದಾಸ, ಪ್ರಧಾನ ಕಾರ್ಯದರ್ಶಿಯಾಗಿ ರಾಜಶೇಖರ ಅವರನ್ನು ಅವಿರೋಧವಾಗಿ ಆಯ್ಕೆ ಮಾಡಲಾಗಿದೆ ಎಂದು ರಾಜ್ಯ ಉಪಾಧ್ಯಕ್ಷ ಕೆ.ಕೊಟ್ರೇಶ ಹಾಗೂ ರಾಜ್ಯ ಸಂಘಟನಾ ಕಾರ್ಯದರ್ಶಿ ನಂದೀಶ ಪೂಜಾರಿ ಘೋಷಿಸಿದರು. ಉಪಾಧ್ಯಕ್ಷರಾಗಿ ಶಿವರುದ್ರಪ್ಪ, ಖಜಾಂಚಿಯಾಗಿ ಮಂಜುನಾಥ, ಸಹ ಕಾರ್ಯದರ್ಶಿಯಾಗಿ ವೆಂಕಟೇಶ, ಕಾರ್ಯಕಾರಿ ಸಮಿತಿ ಸದಸ್ಯರಾಗಿ ಬಸವರಾಜ ಕುರುಬರ, ಸಲಾಮ ಸಾಬ, ನಾಗರಾಜ, ಕಿರಣ್ ಕುಮಾರ್, ಶಿವಕುಮಾರ ಅವರನ್ನು ಆಯ್ಕೆ ಮಾಡಲಾಯಿತು. ನಂತರ ಮಾತನಾಡಿದ ರಾಜ್ಯ ಸಂಘಟನಾ ಕಾರ್ಯದರ್ಶಿ ನಂದೀಶ ಪೂಜಾರಿ, ಪತ್ರಕರ್ತರ ಸ್ವಾಭಿಮಾನ, ಪತ್ರಿಕಾ ರಂಗಕ್ಕೆ ಬರುವ ಯುವ ಪತ್ರಕರ್ತರಿಗೆ ಮಾರ್ಗದರ್ಶನ, ಸಾಮಾಜಿಕ ಜವಾಬ್ದಾರಿ, ಪತ್ರಿಕಾ ಧರ್ಮ ಉಳಿಸುವ ನಿಟ್ಟಿನಲ್ಲಿ ಸಂಘಟನೆ ಶ್ರಮಿಸುತ್ತದೆ. ಪತ್ರಕರ್ತರ ಸಮಸ್ಯೆಗಳಿಗೆ ಸ್ಪಂದಿಸಲು ಕ್ಲಬ್ ಸದಾ ಸಿದ್ಧವಾಗಿರುತ್ತದೆ. ಜಿಲ್ಲೆಯ ಎಲ್ಲ ಪತ್ರಕರ್ತರು ಒಗ್ಗಟ್ಟಿನಿಂದ ಕೆಲಸ ಮಾಡಬೇಕು ಎಂದರು. ಈ ಸಂದರ್ಭದಲ್ಲಿ ಜಿಲ್ಲೆಯ ವಿವಿಧ ತಾಲೂಕುಗಳ ಪತ್ರಕರ್ತರು ಉಪಸ್ಥಿತರಿದ್ದರು.
ಹೊಸಪೇಟೆ (ವಿಜಯನಗರ): ಕರ್ನಾಟಕ ಪ್ರೆಸ್ ಕ್ಲಬ್ ನ ಜಿಲ್ಲಾಧ್ಯಕ್ಷರಾಗಿ ಪ್ರಕಾಶ್ ಕಾಳಿದಾಸ, ಪ್ರಧಾನ ಕಾರ್ಯದರ್ಶಿಯಾಗಿ ರಾಜಶೇಖರ ಅವರನ್ನು ಅವಿರೋಧವಾಗಿ ಆಯ್ಕೆ ಮಾಡಲಾಗಿದೆ ಎಂದು ರಾಜ್ಯ ಉಪಾಧ್ಯಕ್ಷ ಕೆ.ಕೊಟ್ರೇಶ ಹಾಗೂ ರಾಜ್ಯ ಸಂಘಟನಾ ಕಾರ್ಯದರ್ಶಿ ನಂದೀಶ ಪೂಜಾರಿ ಘೋಷಿಸಿದರು. ಉಪಾಧ್ಯಕ್ಷರಾಗಿ ಶಿವರುದ್ರಪ್ಪ, ಖಜಾಂಚಿಯಾಗಿ ಮಂಜುನಾಥ, ಸಹ ಕಾರ್ಯದರ್ಶಿಯಾಗಿ ವೆಂಕಟೇಶ, ಕಾರ್ಯಕಾರಿ ಸಮಿತಿ ಸದಸ್ಯರಾಗಿ ಬಸವರಾಜ ಕುರುಬರ, ಸಲಾಮ ಸಾಬ, ನಾಗರಾಜ, ಕಿರಣ್ ಕುಮಾರ್, ಶಿವಕುಮಾರ ಅವರನ್ನು ಆಯ್ಕೆ ಮಾಡಲಾಯಿತು. ನಂತರ ಮಾತನಾಡಿದ ರಾಜ್ಯ ಸಂಘಟನಾ ಕಾರ್ಯದರ್ಶಿ ನಂದೀಶ ಪೂಜಾರಿ, ಪತ್ರಕರ್ತರ ಸ್ವಾಭಿಮಾನ, ಪತ್ರಿಕಾ ರಂಗಕ್ಕೆ ಬರುವ ಯುವ ಪತ್ರಕರ್ತರಿಗೆ ಮಾರ್ಗದರ್ಶನ, ಸಾಮಾಜಿಕ ಜವಾಬ್ದಾರಿ, ಪತ್ರಿಕಾ ಧರ್ಮ ಉಳಿಸುವ ನಿಟ್ಟಿನಲ್ಲಿ ಸಂಘಟನೆ ಶ್ರಮಿಸುತ್ತದೆ. ಪತ್ರಕರ್ತರ ಸಮಸ್ಯೆಗಳಿಗೆ ಸ್ಪಂದಿಸಲು ಕ್ಲಬ್ ಸದಾ ಸಿದ್ಧವಾಗಿರುತ್ತದೆ. ಜಿಲ್ಲೆಯ ಎಲ್ಲ ಪತ್ರಕರ್ತರು ಒಗ್ಗಟ್ಟಿನಿಂದ ಕೆಲಸ ಮಾಡಬೇಕು ಎಂದರು. ಈ ಸಂದರ್ಭದಲ್ಲಿ ಜಿಲ್ಲೆಯ ವಿವಿಧ ತಾಲೂಕುಗಳ ಪತ್ರಕರ್ತರು ಉಪಸ್ಥಿತರಿದ್ದರು.
ನಲಿಕಲಿ ಪದ್ಧತಿ ರದ್ದುಗೊಳಿಸಿ
ಕನ್ನಡ ಜನಶ್ರೀ ಸುದ್ದಿ ಜಾಲ
ಬೆಂಗಳೂರು: ಪ್ರಾಥಮಿಕ ಶಾಲೆಗಳಲ್ಲಿ ಜಾರಿಯಲ್ಲಿರುವ ನಲಿಕಲಿ ಪದ್ಧತಿಯನ್ನು ರದ್ದುಗೊಳಿಸಬೇಕು ಎಂದು ಒತ್ತಾಯಿಸಿ ಕರ್ನಾಟಕ ರಾಜ್ಯ ಪ್ರಾಥಮಿಕ ಶಾಲಾ ಶಿಕ್ಷಕರ ಸಂಘದ ಪದಾಧಿಕಾರಿಗಳು ಶಿಕ್ಷಣ ಸಚಿವರಿಗೆ ಮನವಿ ಸಲ್ಲಿಸಿದರು. ಸಂಘದ ಅಧ್ಯಕ್ಷ ಮಾತನಾಡಿ, ನಲಿಕಲಿ ಪದ್ಧತಿಯಿಂದ ಮಕ್ಕಳ ಕಲಿಕೆಯ ಗುಣಮಟ್ಟ ಕುಸಿಯುತ್ತಿದೆ. ಶಿಕ್ಷಕರ ಮೇಲೆ ಹೆಚ್ಚಿನ ಒತ್ತಡ ಬೀಳುತ್ತಿದೆ. NCERT SYLLABUS ಅಳವಡಿಸಿ ಶಿಕ್ಷಣದ ಗುಣಮಟ್ಟ ಹೆಚ್ಚಿಸಬೇಕು. ಹೊಸ ಶಿಕ್ಷಕರ ನೇಮಕಾತಿ ಪ್ರಕ್ರಿಯೆ ಶೀಘ್ರವಾಗಿ ನಡೆಸಬೇಕು. 2016 ರಿಂದ ಬಾಕಿ ಉಳಿದಿರುವ ವರ್ಗಾವಣೆ ಪ್ರಕ್ರಿಯೆ ಪೂರ್ಣಗೊಳಿಸಬೇಕು. ಶಿಕ್ಷಕರಿಗೆ ಬೋಧನೇತರ ಕೆಲಸಗಳನ್ನು ವಹಿಸಬಾರದು ಎಂದು ಆಗ್ರಹಿಸಿದರು. ಸಚಿವರು ಮನವಿ ಸ್ವೀಕರಿಸಿ ಶಿಕ್ಷಕರ ಸಮಸ್ಯೆಗಳ ಬಗ್ಗೆ ಸರ್ಕಾರ ಸಕಾರಾತ್ಮಕವಾಗಿ ಸ್ಪಂದಿಸಲಿದೆ ಎಂದು ಭರವಸೆ ನೀಡಿದರು. ಈ ಸಂದರ್ಭದಲ್ಲಿ ಸಂಘದ ಪದಾಧಿಕಾರಿಗಳು, ಶಿಕ್ಷಕರು ಉಪಸ್ಥಿತರಿದ್ದರು.
ಬೆಂಗಳೂರು: ಪ್ರಾಥಮಿಕ ಶಾಲೆಗಳಲ್ಲಿ ಜಾರಿಯಲ್ಲಿರುವ ನಲಿಕಲಿ ಪದ್ಧತಿಯನ್ನು ರದ್ದುಗೊಳಿಸಬೇಕು ಎಂದು ಒತ್ತಾಯಿಸಿ ಕರ್ನಾಟಕ ರಾಜ್ಯ ಪ್ರಾಥಮಿಕ ಶಾಲಾ ಶಿಕ್ಷಕರ ಸಂಘದ ಪದಾಧಿಕಾರಿಗಳು ಶಿಕ್ಷಣ ಸಚಿವರಿಗೆ ಮನವಿ ಸಲ್ಲಿಸಿದರು. ಸಂಘದ ಅಧ್ಯಕ್ಷ ಮಾತನಾಡಿ, ನಲಿಕಲಿ ಪದ್ಧತಿಯಿಂದ ಮಕ್ಕಳ ಕಲಿಕೆಯ ಗುಣಮಟ್ಟ ಕುಸಿಯುತ್ತಿದೆ. ಶಿಕ್ಷಕರ ಮೇಲೆ ಹೆಚ್ಚಿನ ಒತ್ತಡ ಬೀಳುತ್ತಿದೆ. NCERT SYLLABUS ಅಳವಡಿಸಿ ಶಿಕ್ಷಣದ ಗುಣಮಟ್ಟ ಹೆಚ್ಚಿಸಬೇಕು. ಹೊಸ ಶಿಕ್ಷಕರ ನೇಮಕಾತಿ ಪ್ರಕ್ರಿಯೆ ಶೀಘ್ರವಾಗಿ ನಡೆಸಬೇಕು. 2016 ರಿಂದ ಬಾಕಿ ಉಳಿದಿರುವ ವರ್ಗಾವಣೆ ಪ್ರಕ್ರಿಯೆ ಪೂರ್ಣಗೊಳಿಸಬೇಕು. ಶಿಕ್ಷಕರಿಗೆ ಬೋಧನೇತರ ಕೆಲಸಗಳನ್ನು ವಹಿಸಬಾರದು ಎಂದು ಆಗ್ರಹಿಸಿದರು. ಸಚಿವರು ಮನವಿ ಸ್ವೀಕರಿಸಿ ಶಿಕ್ಷಕರ ಸಮಸ್ಯೆಗಳ ಬಗ್ಗೆ ಸರ್ಕಾರ ಸಕಾರಾತ್ಮಕವಾಗಿ ಸ್ಪಂದಿಸಲಿದೆ ಎಂದು ಭರವಸೆ ನೀಡಿದರು. ಈ ಸಂದರ್ಭದಲ್ಲಿ ಸಂಘದ ಪದಾಧಿಕಾರಿಗಳು, ಶಿಕ್ಷಕರು ಉಪಸ್ಥಿತರಿದ್ದರು.
ಬೆಂಗಳೂರು: ಪ್ರಾಥಮಿಕ ಶಾಲೆಗಳಲ್ಲಿ ಜಾರಿಯಲ್ಲಿರುವ ನಲಿಕಲಿ ಪದ್ಧತಿಯನ್ನು ರದ್ದುಗೊಳಿಸಬೇಕು ಎಂದು ಒತ್ತಾಯಿಸಿ ಕರ್ನಾಟಕ ರಾಜ್ಯ ಪ್ರಾಥಮಿಕ ಶಾಲಾ ಶಿಕ್ಷಕರ ಸಂಘದ ಪದಾಧಿಕಾರಿಗಳು ಶಿಕ್ಷಣ ಸಚಿವರಿಗೆ ಮನವಿ ಸಲ್ಲಿಸಿದರು. ಸಂಘದ ಅಧ್ಯಕ್ಷ ಮಾತನಾಡಿ, ನಲಿಕಲಿ ಪದ್ಧತಿಯಿಂದ ಮಕ್ಕಳ ಕಲಿಕೆಯ ಗುಣಮಟ್ಟ ಕುಸಿಯುತ್ತಿದೆ. ಶಿಕ್ಷಕರ ಮೇಲೆ ಹೆಚ್ಚಿನ ಒತ್ತಡ ಬೀಳುತ್ತಿದೆ. NCERT SYLLABUS ಅಳವಡಿಸಿ ಶಿಕ್ಷಣದ ಗುಣಮಟ್ಟ ಹೆಚ್ಚಿಸಬೇಕು. ಹೊಸ ಶಿಕ್ಷಕರ ನೇಮಕಾತಿ ಪ್ರಕ್ರಿಯೆ ಶೀಘ್ರವಾಗಿ ನಡೆಸಬೇಕು. 2016 ರಿಂದ ಬಾಕಿ ಉಳಿದಿರುವ ವರ್ಗಾವಣೆ ಪ್ರಕ್ರಿಯೆ ಪೂರ್ಣಗೊಳಿಸಬೇಕು. ಶಿಕ್ಷಕರಿಗೆ ಬೋಧನೇತರ ಕೆಲಸಗಳನ್ನು ವಹಿಸಬಾರದು ಎಂದು ಆಗ್ರಹಿಸಿದರು. ಸಚಿವರು ಮನವಿ ಸ್ವೀಕರಿಸಿ ಶಿಕ್ಷಕರ ಸಮಸ್ಯೆಗಳ ಬಗ್ಗೆ ಸರ್ಕಾರ ಸಕಾರಾತ್ಮಕವಾಗಿ ಸ್ಪಂದಿಸಲಿದೆ ಎಂದು ಭರವಸೆ ನೀಡಿದರು. ಈ ಸಂದರ್ಭದಲ್ಲಿ ಸಂಘದ ಪದಾಧಿಕಾರಿಗಳು, ಶಿಕ್ಷಕರು ಉಪಸ್ಥಿತರಿದ್ದರು.
CMYK
